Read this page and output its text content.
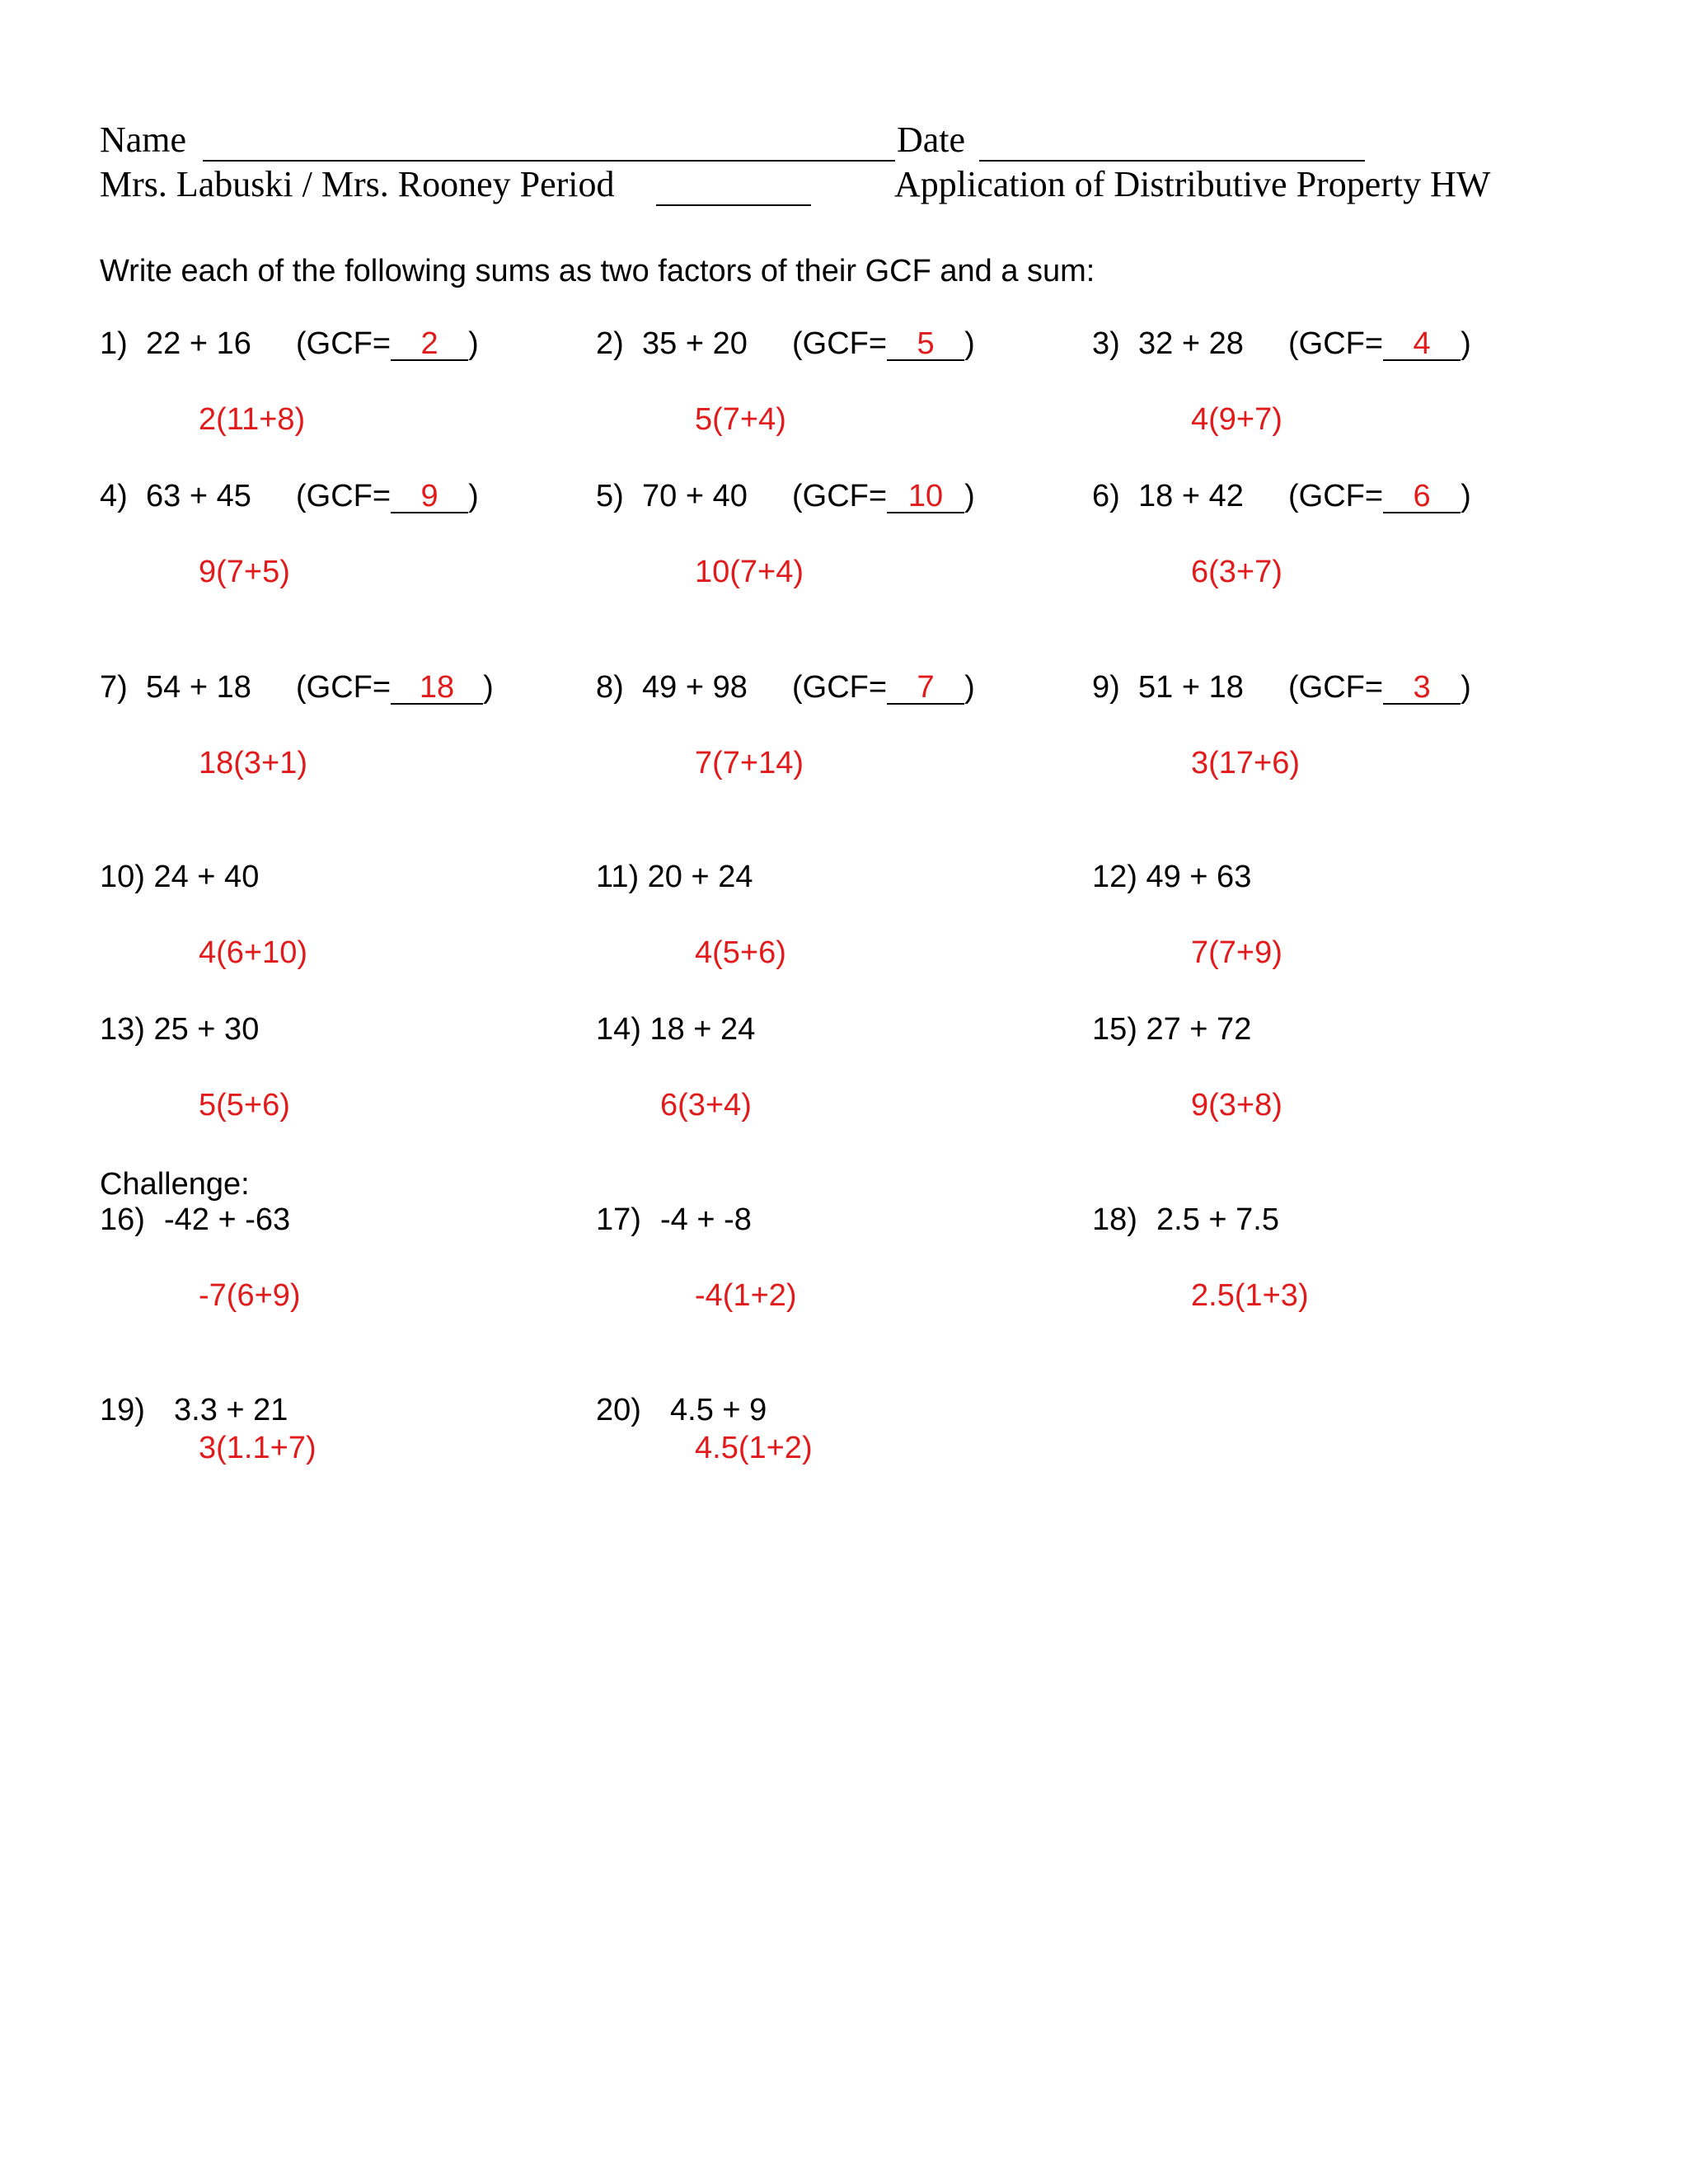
Name	Date
Mrs. Labuski / Mrs. Rooney Period	Application of Distributive Property HW
Write each of the following sums as two factors of their GCF and a sum:
1) 22 + 16 (GCF= 2 )
2(11+8)
2) 35 + 20 (GCF= 5 )
5(7+4)
3) 32 + 28 (GCF= 4 )
4(9+7)
4) 63 + 45 (GCF= 9 )
9(7+5)
5) 70 + 40 (GCF= 10 )
10(7+4)
6) 18 + 42 (GCF= 6 )
6(3+7)
7) 54 + 18 (GCF= 18 )
18(3+1)
8) 49 + 98 (GCF= 7 )
7(7+14)
9) 51 + 18 (GCF= 3 )
3(17+6)
10) 24 + 40
4(6+10)
11) 20 + 24
4(5+6)
12) 49 + 63
7(7+9)
13) 25 + 30
5(5+6)
14) 18 + 24
6(3+4)
15) 27 + 72
9(3+8)
16) -42 + -63
-7(6+9)
17) -4 + -8
-4(1+2)
18) 2.5 + 7.5
2.5(1+3)
19) 3.3 + 21
3(1.1+7)
20) 4.5 + 9
4.5(1+2)
Challenge:
